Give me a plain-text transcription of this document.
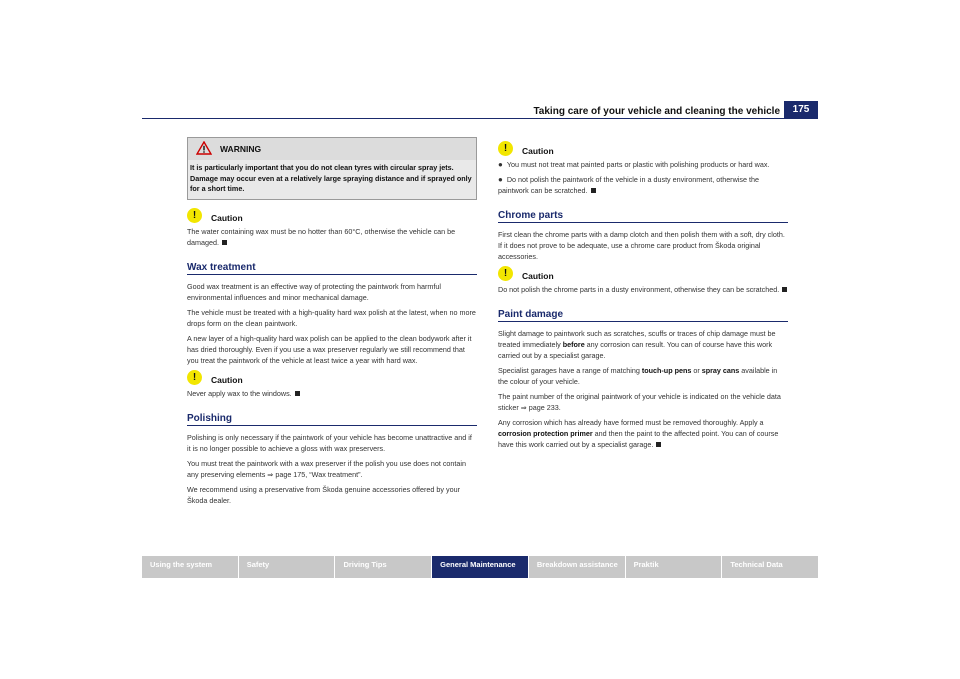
Taking care of your vehicle and cleaning the vehicle	175
WARNING
It is particularly important that you do not clean tyres with circular spray jets. Damage may occur even at a relatively large spraying distance and if sprayed only for a short time.
!	Caution

The water containing wax must be no hotter than 60°C, otherwise the vehicle can be damaged.

Wax treatment

Good wax treatment is an effective way of protecting the paintwork from harmful environmental influences and minor mechanical damage.

The vehicle must be treated with a high-quality hard wax polish at the latest, when no more drops form on the clean paintwork.

A new layer of a high-quality hard wax polish can be applied to the clean bodywork after it has dried thoroughly. Even if you use a wax preserver regularly we still recommend that you treat the paintwork of the vehicle at least twice a year with hard wax.

!	Caution

Never apply wax to the windows.

Polishing

Polishing is only necessary if the paintwork of your vehicle has become unattractive and if it is no longer possible to achieve a gloss with wax preservers.

You must treat the paintwork with a wax preserver if the polish you use does not contain any preserving elements ⇒ page 175, “Wax treatment”.

We recommend using a preservative from Škoda genuine accessories offered by your Škoda dealer.

!	Caution

● You must not treat mat painted parts or plastic with polishing products or hard wax.

● Do not polish the paintwork of the vehicle in a dusty environment, otherwise the paintwork can be scratched.

Chrome parts

First clean the chrome parts with a damp clotch and then polish them with a soft, dry cloth. If it does not prove to be adequate, use a chrome care product from Škoda original accessories.

!	Caution

Do not polish the chrome parts in a dusty environment, otherwise they can be scratched.

Paint damage

Slight damage to paintwork such as scratches, scuffs or traces of chip damage must be treated immediately before any corrosion can result. You can of course have this work carried out by a specialist garage.

Specialist garages have a range of matching touch-up pens or spray cans available in the colour of your vehicle.

The paint number of the original paintwork of your vehicle is indicated on the vehicle data sticker ⇒ page 233.

Any corrosion which has already have formed must be removed thoroughly. Apply a corrosion protection primer and then the paint to the affected point. You can of course have this work carried out by a specialist garage.

Using the system	Safety	Driving Tips	General Maintenance	Breakdown assistance	Praktik	Technical Data
